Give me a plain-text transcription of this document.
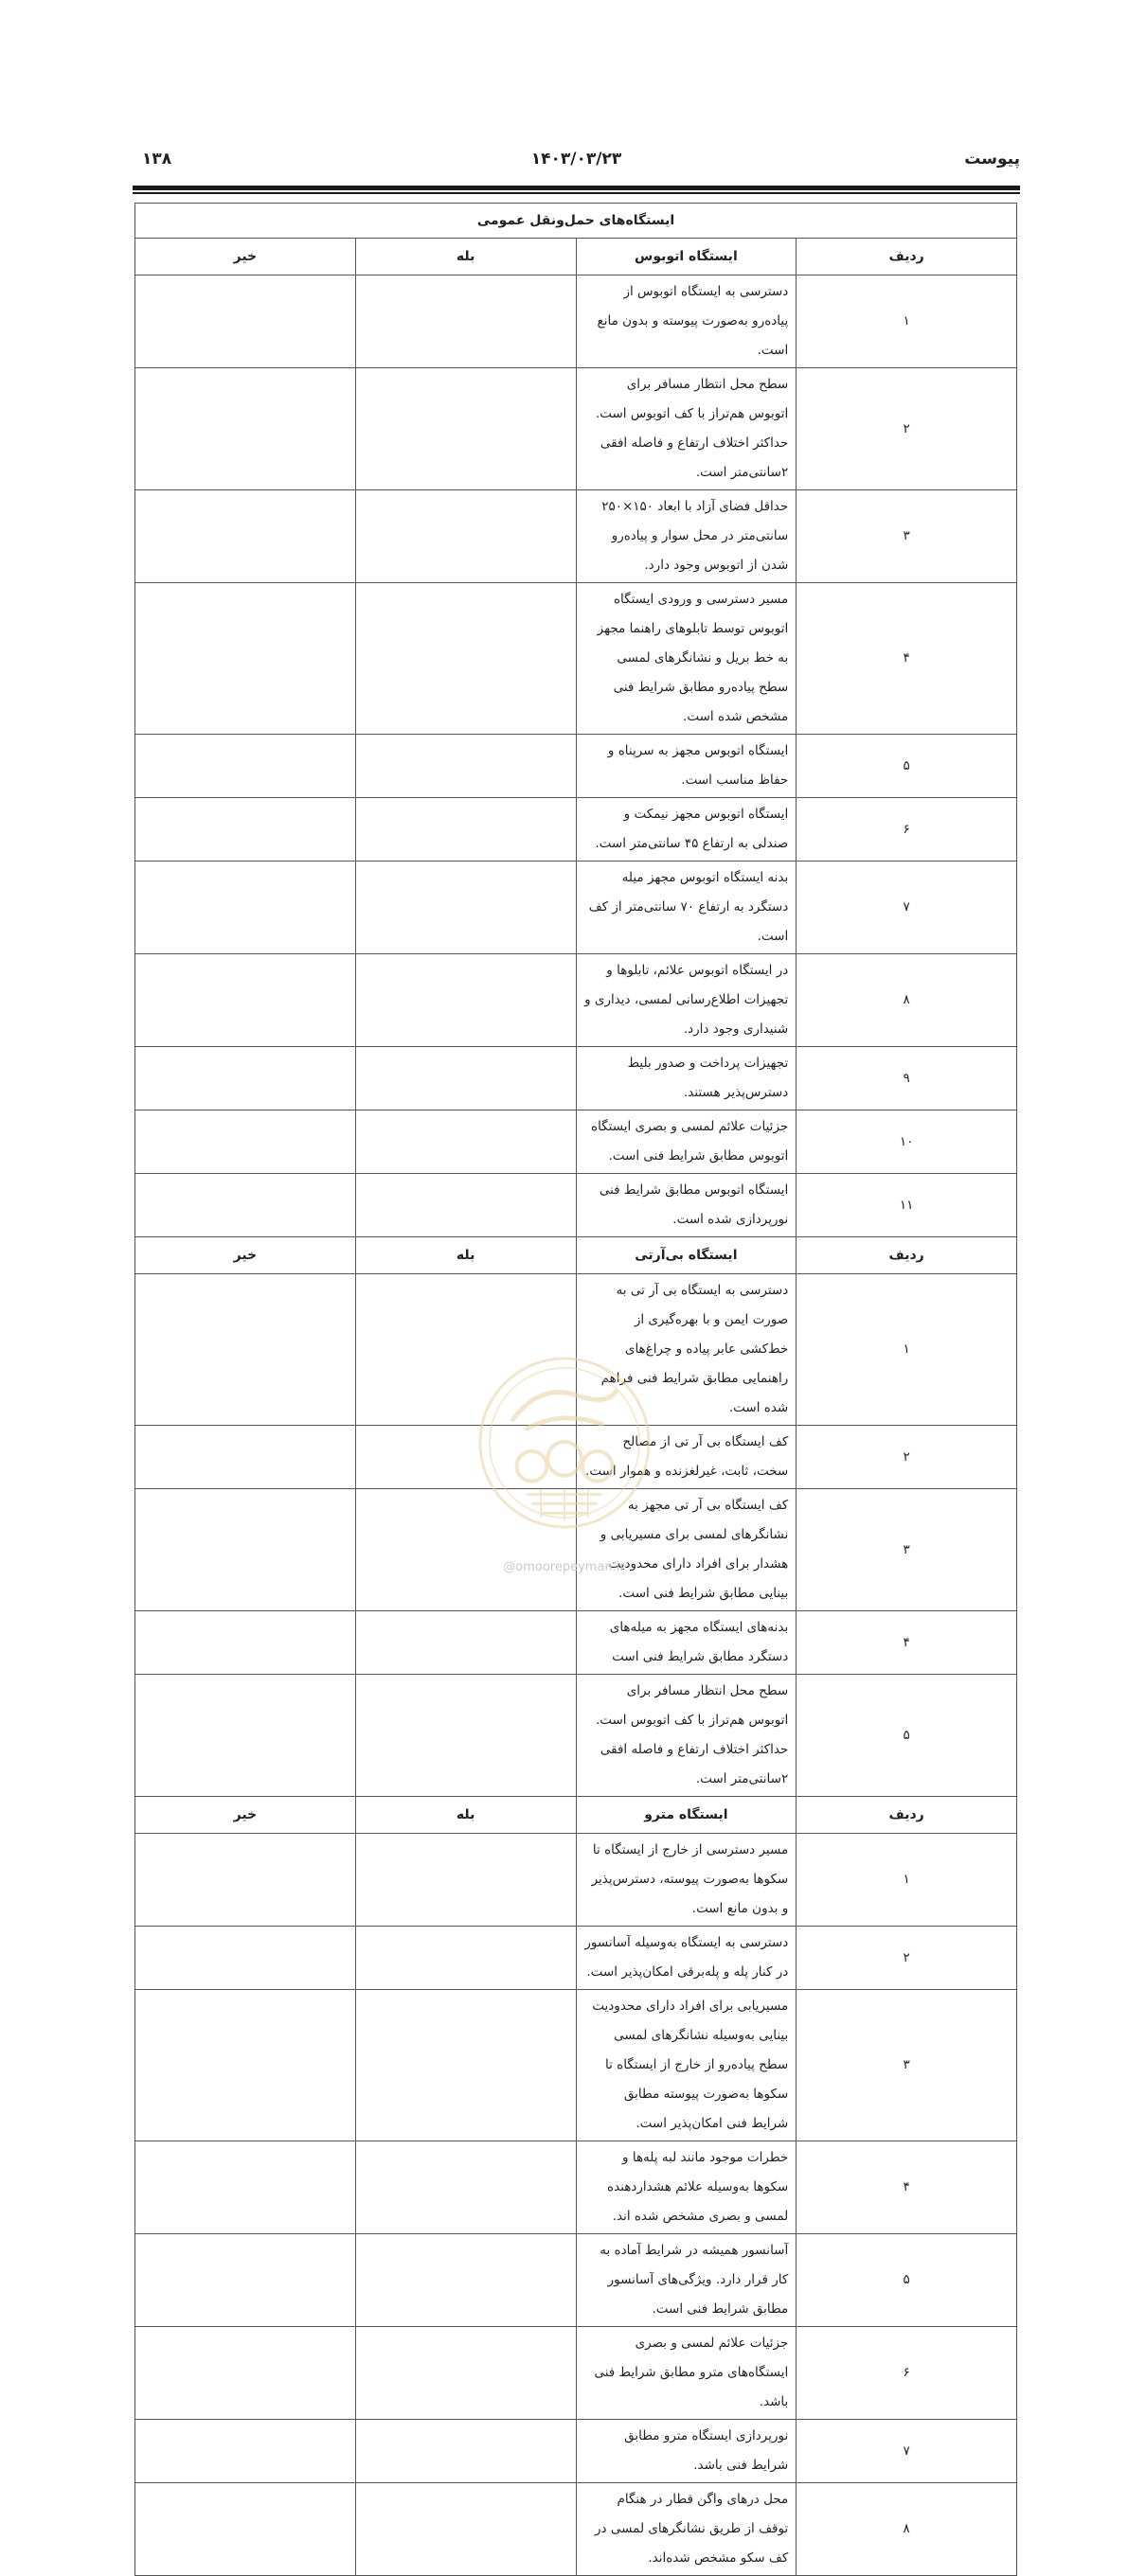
پیوست
۱۴۰۳/۰۳/۲۳
۱۳۸
ایستگاه‌های حمل‌ونقل عمومی			
ردیف	ایستگاه اتوبوس	بله	خیر
۱	دسترسی به ایستگاه اتوبوس از پیاده‌رو به‌صورت پیوسته و بدون مانع است.		
۲	سطح محل انتظار مسافر برای اتوبوس هم‌تراز با کف اتوبوس است. حداکثر اختلاف ارتفاع و فاصله افقی ۲سانتی‌متر است.		
۳	حداقل فضای آزاد با ابعاد ۱۵۰×۲۵۰ سانتی‌متر در محل سوار و پیاده‌رو شدن از اتوبوس وجود دارد.		
۴	مسیر دسترسی و ورودی ایستگاه اتوبوس توسط تابلوهای راهنما مجهز به خط بریل و نشانگرهای لمسی سطح پیاده‌رو مطابق شرایط فنی مشخص شده است.		
۵	ایستگاه اتوبوس مجهز به سرپناه و حفاظ مناسب است.		
۶	ایستگاه اتوبوس مجهز نیمکت و صندلی به ارتفاع ۴۵ سانتی‌متر است.		
۷	بدنه ایستگاه اتوبوس مجهز میله دستگرد به ارتفاع ۷۰ سانتی‌متر از کف است.		
۸	در ایستگاه اتوبوس علائم، تابلوها و تجهیزات اطلاع‌رسانی لمسی، دیداری و شنیداری وجود دارد.		
۹	تجهیزات پرداخت و صدور بلیط دسترس‌پذیر هستند.		
۱۰	جزئیات علائم لمسی و بصری ایستگاه اتوبوس مطابق شرایط فنی است.		
۱۱	ایستگاه اتوبوس مطابق شرایط فنی نورپردازی شده است.		
ردیف	ایستگاه بی‌آرتی	بله	خیر
۱	دسترسی به ایستگاه بی آر تی به صورت ایمن و با بهره‌گیری از خط‌کشی عابر پیاده و چراغ‌های راهنمایی مطابق شرایط فنی فراهم شده است.		
۲	کف ایستگاه بی آر تی از مصالح سخت، ثابت، غیرلغزنده و هموار است.		
۳	کف ایستگاه بی آر تی مجهز به نشانگرهای لمسی برای مسیریابی و هشدار برای افراد دارای محدودیت بینایی مطابق شرایط فنی است.		
۴	بدنه‌های ایستگاه مجهز به میله‌های دستگرد مطابق شرایط فنی است		
۵	سطح محل انتظار مسافر برای اتوبوس هم‌تراز با کف اتوبوس است. حداکثر اختلاف ارتفاع و فاصله افقی ۲سانتی‌متر است.		
ردیف	ایستگاه مترو	بله	خیر
۱	مسیر دسترسی از خارج از ایستگاه تا سکوها به‌صورت پیوسته، دسترس‌پذیر و بدون مانع است.		
۲	دسترسی به ایستگاه به‌وسیله آسانسور در کنار پله و پله‌برقی امکان‌پذیر است.		
۳	مسیریابی برای افراد دارای محدودیت بینایی به‌وسیله نشانگرهای لمسی سطح پیاده‌رو از خارج از ایستگاه تا سکوها به‌صورت پیوسته مطابق شرایط فنی امکان‌پذیر است.		
۴	خطرات موجود مانند لبه پله‌ها و سکوها به‌وسیله علائم هشداردهنده لمسی و بصری مشخص شده اند.		
۵	آسانسور همیشه در شرایط آماده به کار قرار دارد. ویژگی‌های آسانسور مطابق شرایط فنی است.		
۶	جزئیات علائم لمسی و بصری ایستگاه‌های مترو مطابق شرایط فنی باشد.		
۷	نورپردازی ایستگاه مترو مطابق شرایط فنی باشد.		
۸	محل درهای واگن قطار در هنگام توقف از طریق نشانگرهای لمسی در کف سکو مشخص شده‌اند.		
@omoorepeyman.ir
